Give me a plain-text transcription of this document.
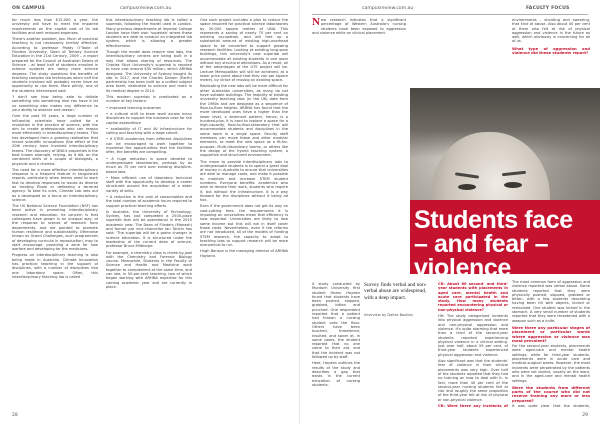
ON CAMPUS	campusreview.com.au

for much less than $15,000 a year, the university will have to meet the impaired requirements on the capital cost of its lab facilities and sent reduced expenses.

There's another problem, too. Much of practical teaching is not necessarily terribly effective. According to professor Paddy O'Toole of Flinders University, Dean of Tertiary Science Education in the 21st Century, 2009 – a report prepared for the Council of Australian Deans of Science – at least half of students enrolled in science subjects are doing more science degrees. The study questions the benefits of teaching complex lab techniques when half the students involved will probably never have an opportunity to use them. More pithily, one of the students interviewed said:

'I don't see how being able to dribble something into something else can have it let us something else makes any difference to your ability to observe and reason.'

Over the past 50 years, a large number of influential scientists have called for a revolution in the practice of science, with the aim to create professionals who can reason more effectively in interdisciplinary teams. This has developed from a growing realisation that recent scientific innovations (the effect of the 20th century have involved interdisciplinary teams. The discovery of DNA's properties is the best known example, relying, as it did, on the combined skills of a couple of biologists, a physicist and a chemist.

The need for a more effective interdisciplinary response is a frequent feature in tanguished reports, particularly when teams need to work fast to develop responses to issues as diverse as treating Ebola or defeating a terrorist agency. To take its cues, Climate Lab sets out as a developed on a focus on interdisciplinary science.

The US National Science Foundation (NSF) has been active in promoting interdisciplinary research and education. Its concern is that colleagues have grown in an unequal way, of the response to scenes of research from departments, and are pointed to promote human resilience and sustainability. Otherwise known as Grand Challenges, such programmes of developing curricula in reproduction, may to start encourage, providing a zone for how warfare and developing for the medicines.

Progress on interdisciplinary teaching is also being made in Australia. Climate Innovation has practical teaching in the support of disciplines, with a number of disciplines into one laboratory space. Often, this interdisciplinary teaching lab is called

this interdisciplinary teaching lab is called a superlab, following the model used in London. Many previous departments at Imperial College London have their own 'superlab' where these students are able to conduct an integrated lab system, which is allowing a greater effectiveness.

Though the model does require new labs, the interdisciplinary centres are being built in a way that allows sharing of resources. The Charles Sturt University's superlab is reputed to have cost around $30 million, which ARHNA designed. The University of Sydney bought its site in 2017, and the Charles Darwin (Earth) partnership has been built by a unified subject area team, dedicated to science and math in its medical degree in 2014.

This modern superlab is predicated on a number of key factors:

• improved learning outcomes

• a cultural shift to team work across many disciplines to support the business case for the capital expenditure

• availability of IT and AV infrastructure for calling and teaching with a large cohort.

• If STEM academics from different disciplines can be encouraged to work together to maximise the opportunities that the facilities offer, the benefits are compelling.

• A huge reduction in space devoted to undergraduate laboratories, perhaps by as much as 70 per cent over existing discipline-based labs.

• More efficient use of laboratory technical staff with the opportunity to develop a career structured around the acquisition of a wider variety of skills.

• A reduction in the cost of consumables and the total number of academic hours required to support practical teaching efforts.

In Australia, the University of Technology, Sydney, has just completed a 2500-place superlab that will be operational in the 2015 academic year. The Dean of Flinders (Monash) and former pro vice-chancellor Ian Tonkin has said: 'The superlab will be a game changer in science education. It is structured under the leadership of the current dean of science, professor Bruce Milthorpe.

For example, a chemistry class is cheek-by-jowl with the Chemistry and Forensic Biology course. Meanwhile, Students in the Faculty of Science and Health and Medicine work together to complement at the same time, and can see, in 50-per-cent teaching, two of which began working with ARHNA expertise for this coming academic year and are currently in place.

One such project includes a plan to reduce the space required for practical science laboratories by 50,000 square metres of UNA. This represents a saving of nearly 70 per cent on existing occupation, and will free up a substantial amount of existing high-overhead space to be converted to support growing research facilities. Looking at existing long-span buildings, this university's new superlab will accommodate all existing students in one room without any structural alterations. As a result, all of the advantages of the UTS project will be. Lecture Metropolitan will still be achieved, at a lower price point about that they can per square metre), by virtue of reusing an existing space.

Replicating the new labs will be more difficult for other Australian universities, as many do not have suitable buildings. The majority of existing university teaching labs (in the UK) date from the 1960s and are designed as a sequence of floor-to-floor heights. ARHNA has found that the more developed ones have a higher than the lower level, a dominant pattern, hence, is a hundred-plus, it is hard to replace a space for a high-capacity, floor-to-floor-laboratory that will accommodate students and disciplines in the same room in a single space. Faculty staff members can move these and other modular elements, to meet the new space as a fit-for-purpose. Multi-disciplinary teams, or others like the design of the hybrid teaching system, a supportive and structured environment.

The move to provide interdisciplinary labs to undergraduate students is to spend a great deal of money in Australia to ensure that universities are able to manage costs, and make it possible to maintain and increase STEM student numbers. Everyone benefits: academics who wish to devote their work, students who require it, but without the infrastructure. It is a way forward for the disciplines without it being ad hoc.

Even if the government does not get its way on cost-cutting fees, the requirements it is imposing on universities mean that efficiency is now essential. Universities are likely to lose some income but this will not in itself cover those costs. Nevertheless, even if the reforms are not introduced, all of the models of funding STEM research, the capacity to adapt to teaching labs to support research will be more economical to run.

Hugh Benson is the managing director of ARHNA Hoyland.

28
campusreview.com.au	FACULTY FOCUS

environments – shouting and swearing, that kind of abuse. Also about 40 per cent of them also felt at risk of physical aggression and violence in the future as well, which obviously is concerning for all of us.

What type of aggression and violence did these students report?

The most common form of aggression and violence reported was verbal abuse. Some students reported that they were physically pushed, slapped, grabbed or bitten, with a few students describing having been hit with objects, kicked or restrained. One student was kicked in the stomach. A very small number of students reported that they were threatened with a weapon such as a knife.

Were there any particular stages of placement or particular wards where aggression or violence was most prevalent?

For the second-year students, placements were aged-care and mental health settings, while for third-year students, placements were in acute care and medical-surgical wards. However, the most incidents were perpetrated by the patients who were not violent, usually on the ward, and in the aged-care and mental health settings.

Were the students from different parts of the course who did not receive training any more or less prepared?

It was quite clear that the students,

Students face – and fear – violence

New research indicates that a significant percentage of Western Australia's nursing students have been exposed to aggression and violence while on clinical placement.

A study conducted by Murdoch University first student Hearn Hoyden found that students have been pushed, slapped, grabbed, bitten and punched. One respondent reported that a patient had thrown a nursing student onto the floor. Others have been touched, threatened, insulted, and sworn at. In some cases, the student reported that no one came to their aid, and that the incident was not followed up by staff.

Here, Hoyden outlines the results of the study and describes a gap that exists in the current education of nursing students.

Survey finds verbal and non-verbal abuse are widespread, with a deep impact.
Interview by Dallas Bastian

CR: About 60 second- and third-year students with placements in aged care, mental health and acute care participated in the study. How many students reported encountering physical or non-physical violence?

HH: The study categorised incidents into physical aggression and violence and non-physical aggression and violence. It's quite alarming that more than a third of the second-year students reported experiencing physical violence in a clinical setting. Just over half, about 59 per cent, of third-year students experienced physical aggression and violence.

Also significant was that the students' fear of violence in their clinical placements was very high. Over half of the students reported that they had no training on how to deal with it. In fact, more than 40 per cent of the second-year nursing students felt at risk and roughly the same proportion of the third-year felt at risk of physical or non-physical violence.

CR: Were there any incidents of

29
